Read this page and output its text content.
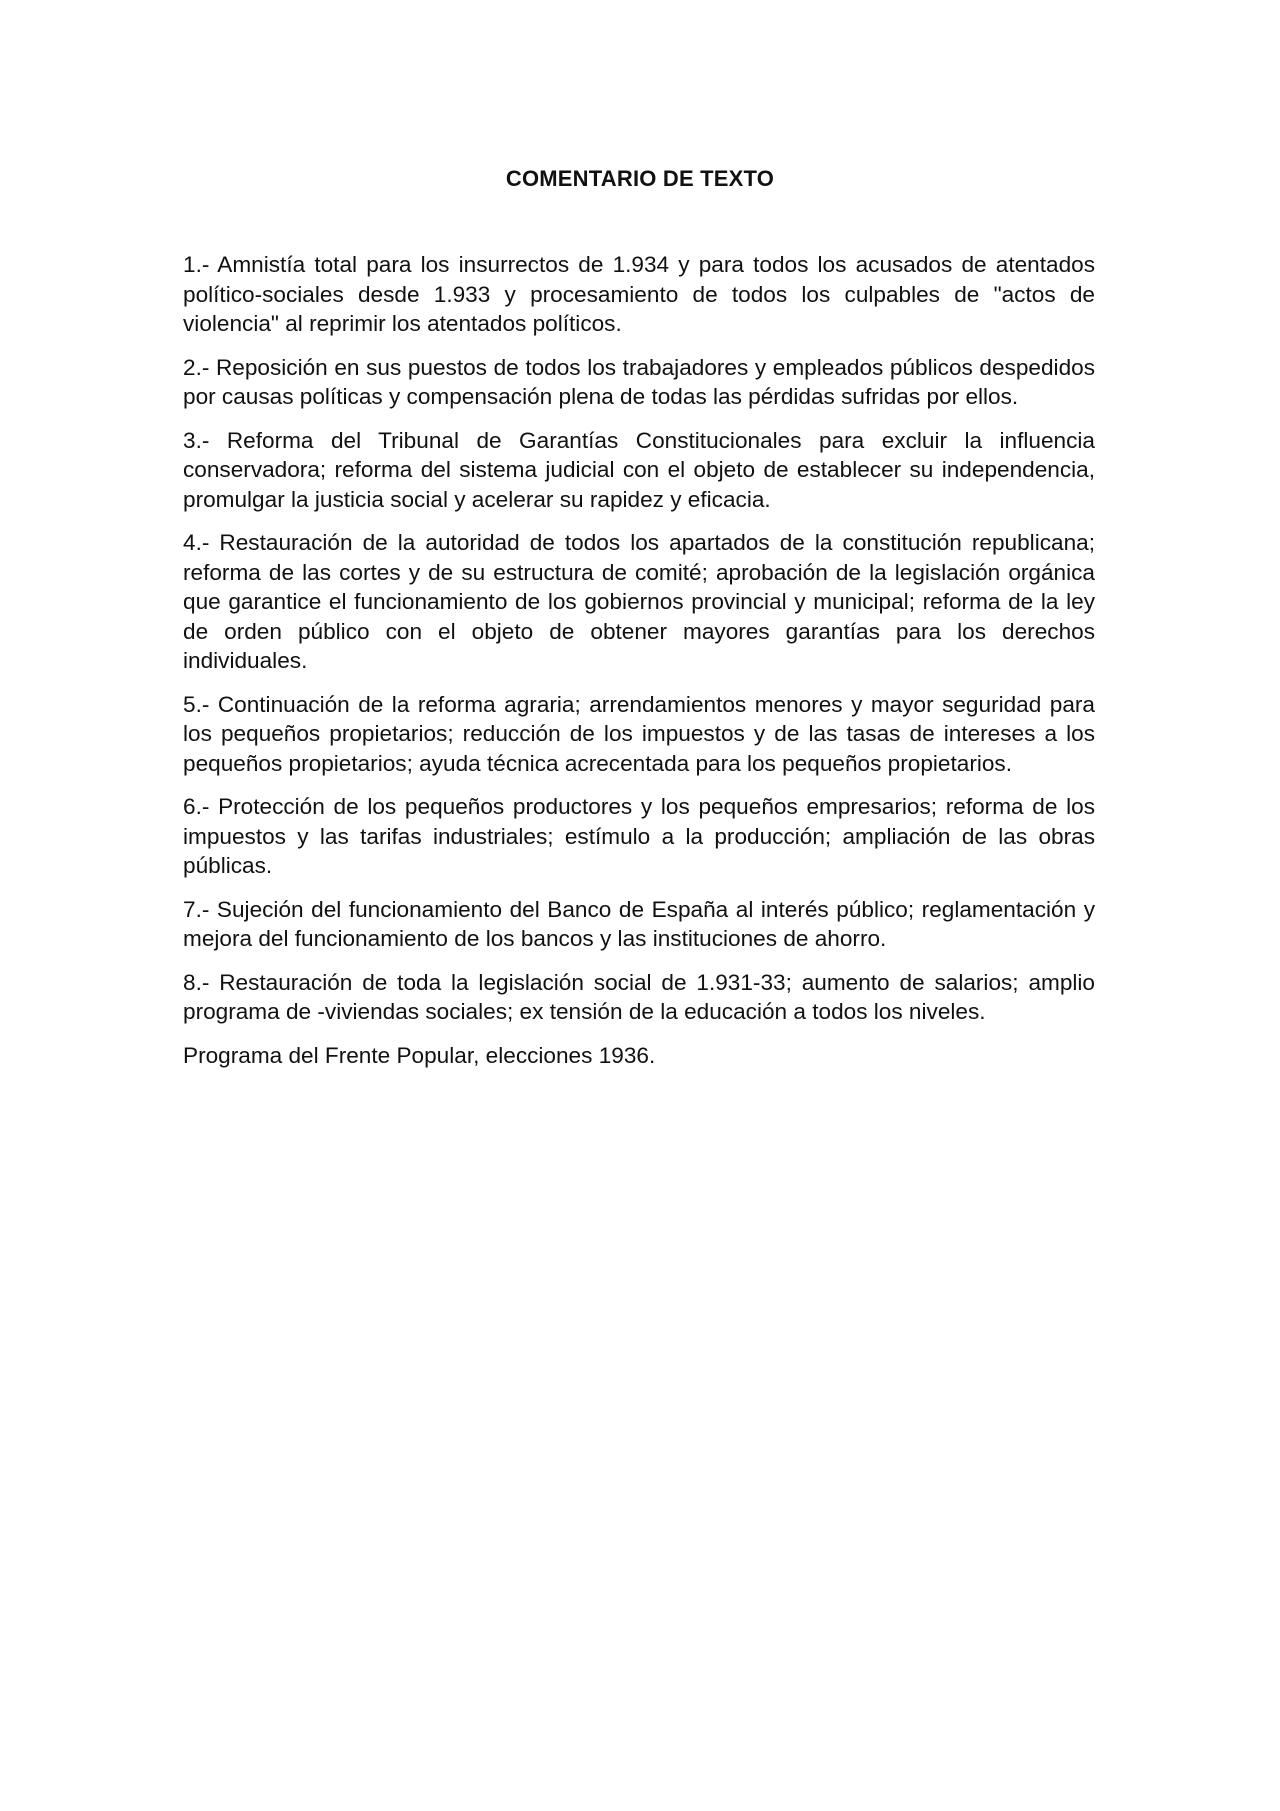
COMENTARIO DE TEXTO

1.- Amnistía total para los insurrectos de 1.934 y para todos los acusados de atentados político-sociales desde 1.933 y procesamiento de todos los culpables de "actos de violencia" al reprimir los atentados políticos.

2.- Reposición en sus puestos de todos los trabajadores y empleados públicos despedidos por causas políticas y compensación plena de todas las pérdidas sufridas por ellos.

3.- Reforma del Tribunal de Garantías Constitucionales para excluir la influencia conservadora; reforma del sistema judicial con el objeto de establecer su independencia, promulgar la justicia social y acelerar su rapidez y eficacia.

4.- Restauración de la autoridad de todos los apartados de la constitución republicana; reforma de las cortes y de su estructura de comité; aprobación de la legislación orgánica que garantice el funcionamiento de los gobiernos provincial y municipal; reforma de la ley de orden público con el objeto de obtener mayores garantías para los derechos individuales.

5.- Continuación de la reforma agraria; arrendamientos menores y mayor seguridad para los pequeños propietarios; reducción de los impuestos y de las tasas de intereses a los pequeños propietarios; ayuda técnica acrecentada para los pequeños propietarios.

6.- Protección de los pequeños productores y los pequeños empresarios; reforma de los impuestos y las tarifas industriales; estímulo a la producción; ampliación de las obras públicas.

7.- Sujeción del funcionamiento del Banco de España al interés público; reglamentación y mejora del funcionamiento de los bancos y las instituciones de ahorro.

8.- Restauración de toda la legislación social de 1.931-33; aumento de salarios; amplio programa de -viviendas sociales; ex tensión de la educación a todos los niveles.

Programa del Frente Popular, elecciones 1936.
